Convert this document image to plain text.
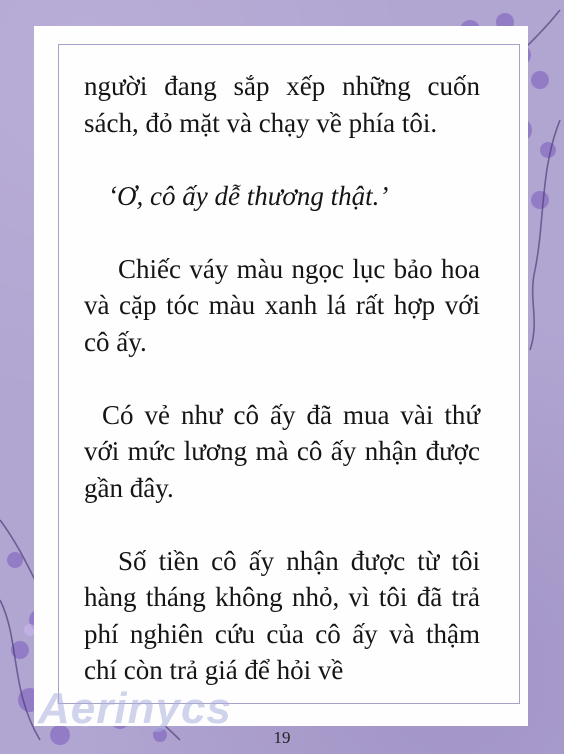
người đang sắp xếp những cuốn sách, đỏ mặt và chạy về phía tôi.

‘Ơ, cô ấy dễ thương thật.’

Chiếc váy màu ngọc lục bảo hoa và cặp tóc màu xanh lá rất hợp với cô ấy.

Có vẻ như cô ấy đã mua vài thứ với mức lương mà cô ấy nhận được gần đây.

Số tiền cô ấy nhận được từ tôi hàng tháng không nhỏ, vì tôi đã trả phí nghiên cứu của cô ấy và thậm chí còn trả giá để hỏi về

Aerinycs
19
